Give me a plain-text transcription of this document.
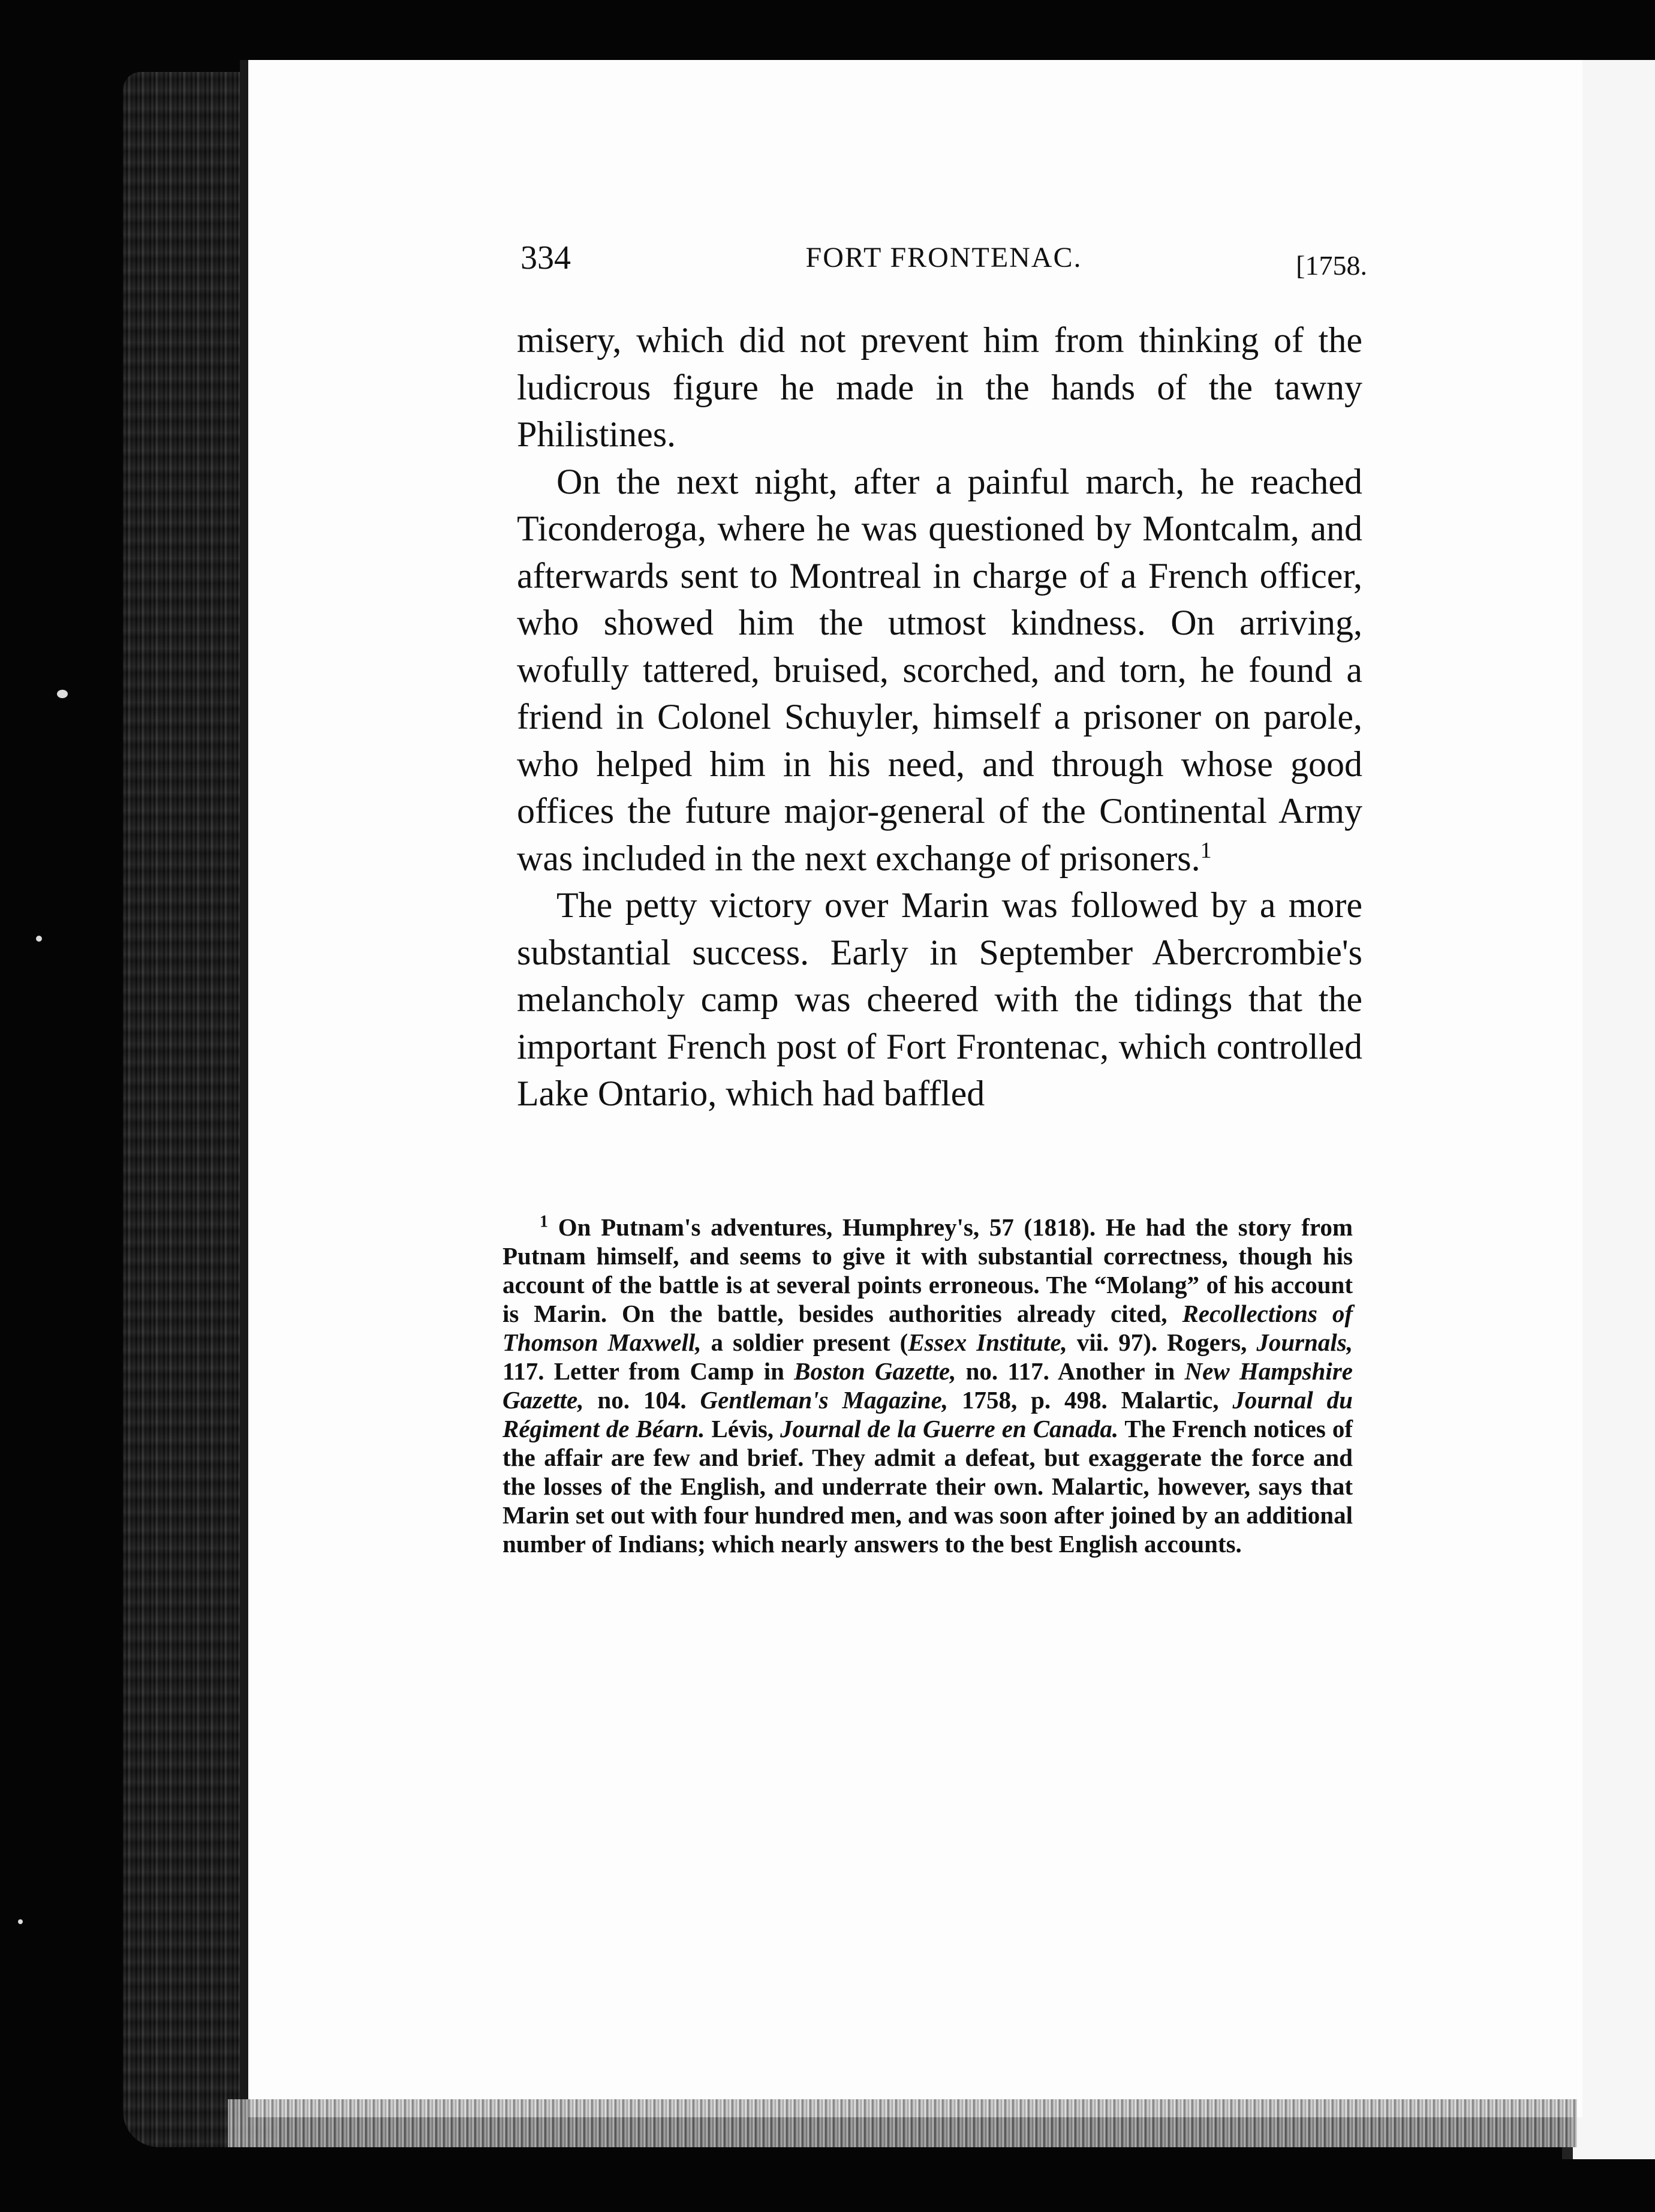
334	FORT FRONTENAC.	[1758.

misery, which did not prevent him from thinking of the ludicrous figure he made in the hands of the tawny Philistines.

On the next night, after a painful march, he reached Ticonderoga, where he was questioned by Montcalm, and afterwards sent to Montreal in charge of a French officer, who showed him the utmost kindness. On arriving, wofully tattered, bruised, scorched, and torn, he found a friend in Colonel Schuyler, himself a prisoner on parole, who helped him in his need, and through whose good offices the future major-general of the Continental Army was included in the next exchange of prisoners.$^1$

The petty victory over Marin was followed by a more substantial success. Early in September Abercrombie's melancholy camp was cheered with the tidings that the important French post of Fort Frontenac, which controlled Lake Ontario, which had baffled

$^1$ On Putnam's adventures, Humphrey's, 57 (1818). He had the story from Putnam himself, and seems to give it with substantial correctness, though his account of the battle is at several points erroneous. The “Molang” of his account is Marin. On the battle, besides authorities already cited, Recollections of Thomson Maxwell, a soldier present (Essex Institute, vii. 97). Rogers, Journals, 117. Letter from Camp in Boston Gazette, no. 117. Another in New Hampshire Gazette, no. 104. Gentleman's Magazine, 1758, p. 498. Malartic, Journal du Régiment de Béarn. Lévis, Journal de la Guerre en Canada. The French notices of the affair are few and brief. They admit a defeat, but exaggerate the force and the losses of the English, and underrate their own. Malartic, however, says that Marin set out with four hundred men, and was soon after joined by an additional number of Indians; which nearly answers to the best English accounts.
